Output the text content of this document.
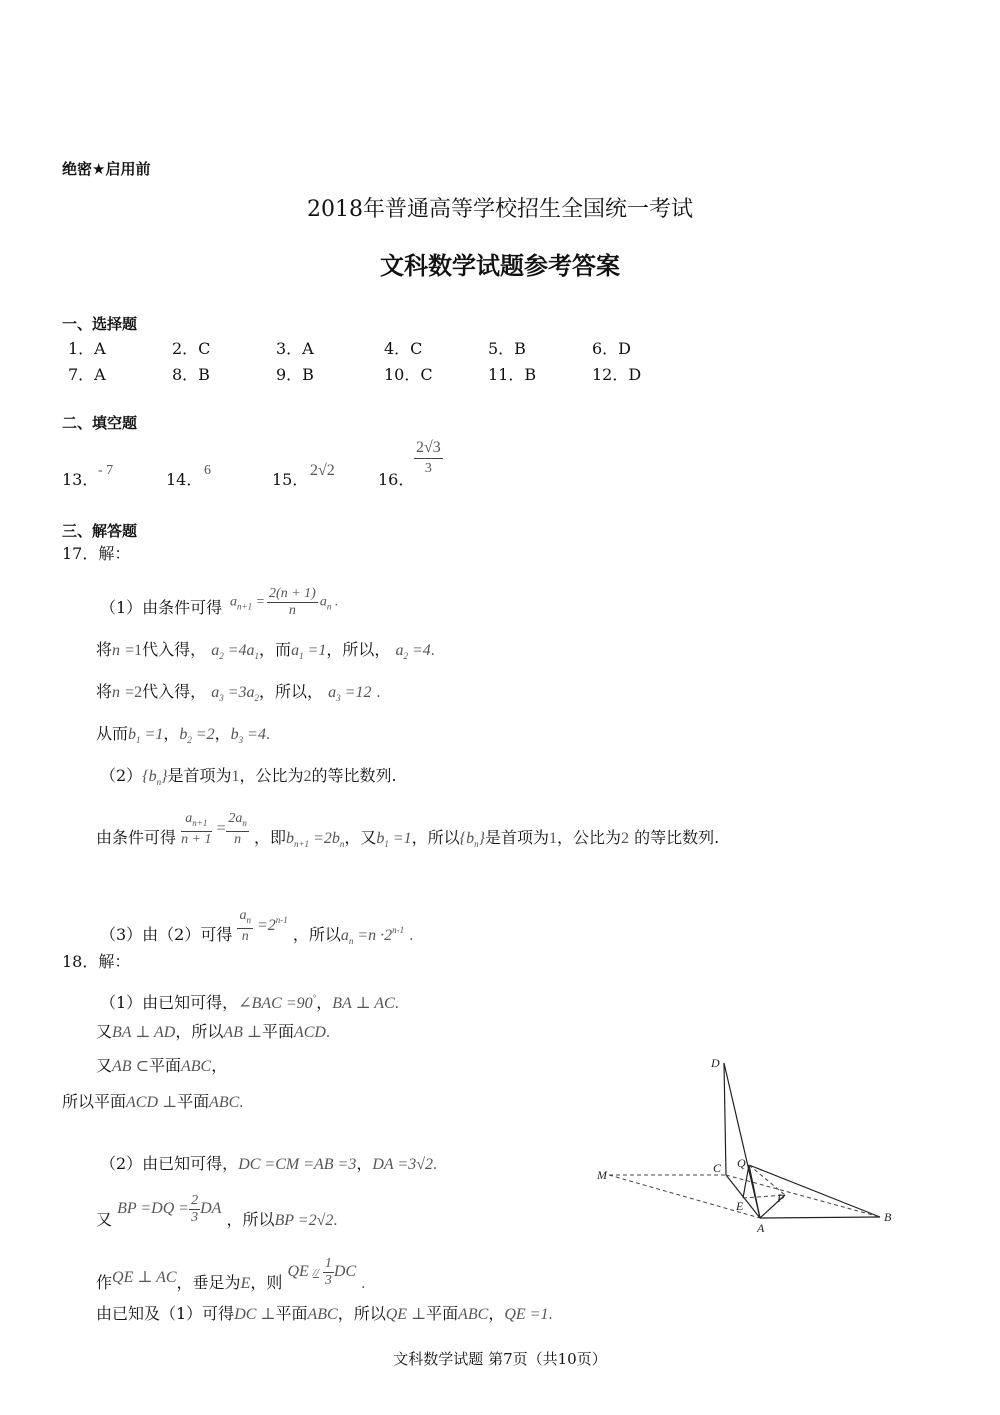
绝密★启用前
2018年普通高等学校招生全国统一考试
文科数学试题参考答案
一、选择题
1．A	2．C	3．A	4．C	5．B	6．D
7．A	8．B	9．B	10．C	11．B	12．D
二、填空题
13． - 7	14． 6	15． 2√2	16．
$\frac{2√3}{3}$
三、解答题
17．解：
（1）由条件可得 $a_{n+1} = \frac{2(n + 1)}{n} a_n$ .
将n =1代入得， $a_2 =4a_1$，而$a_1 =1$，所以， $a_2 =4$.
将n =2代入得， $a_3 =3a_2$，所以， $a_3 =12$ .
从而$b_1 =1$，$b_2 =2$，$b_3 =4$.
$(2)\{b_n\}$是首项为1，公比为2的等比数列.
由条件可得 $\frac{a_{n+1}}{n + 1} = \frac{2a_n}{n}$ ，即$b_{n+1} =2b_n$，又$b_1 =1$，所以$\{b_n\}$是首项为1，公比为2 的等比数列.
（3）由（2）可得 $\frac{a_n}{n} =2^{n-1}$ ，所以$a_n =n \cdot 2^{n-1}$ .
18．解：
（1）由已知可得，∠BAC =90°，BA ⊥ AC.
又BA ⊥ AD，所以AB ⊥平面ACD.
又AB ⊂平面ABC，
所以平面ACD ⊥平面ABC.
（2）由已知可得，DC =CM =AB =3，DA =3√2.
又 BP $=DQ = \frac{2}{3}$ DA ，所以BP =2√2.
作QE ⊥ AC，垂足为E，则 QE // $\frac{1}{3}$ DC .
由已知及（1）可得DC ⊥平面ABC，所以QE ⊥平面ABC，QE =1.
D
C Q
M
P
E
A
B
文科数学试题 第7页（共10页）
